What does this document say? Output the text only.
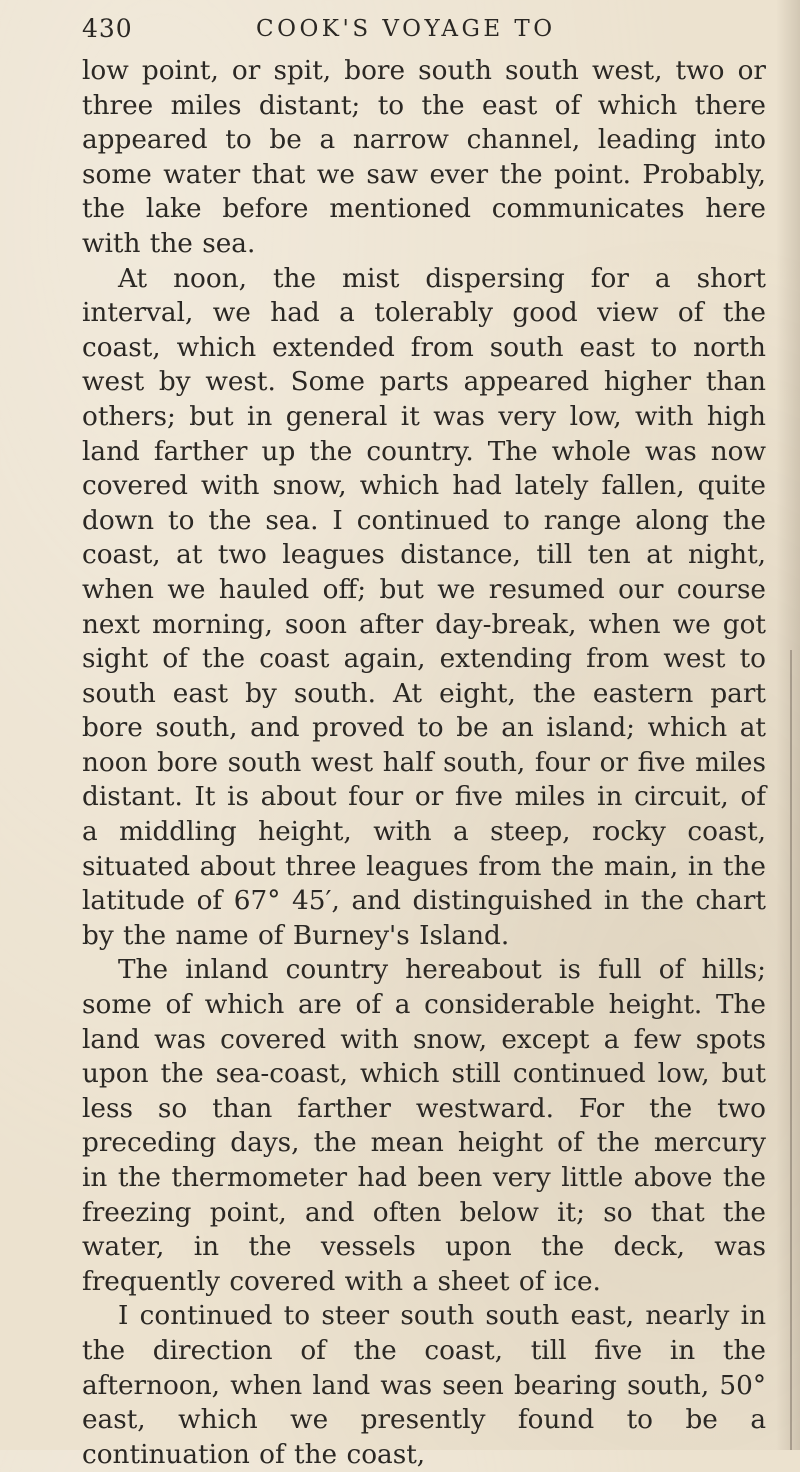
430	COOK'S VOYAGE TO

low point, or spit, bore south south west, two or three miles distant; to the east of which there appeared to be a narrow channel, leading into some water that we saw ever the point. Probably, the lake before mentioned communicates here with the sea.

At noon, the mist dispersing for a short interval, we had a tolerably good view of the coast, which extended from south east to north west by west. Some parts appeared higher than others; but in general it was very low, with high land farther up the country. The whole was now covered with snow, which had lately fallen, quite down to the sea. I continued to range along the coast, at two leagues distance, till ten at night, when we hauled off; but we resumed our course next morning, soon after day-break, when we got sight of the coast again, extending from west to south east by south. At eight, the eastern part bore south, and proved to be an island; which at noon bore south west half south, four or five miles distant. It is about four or five miles in circuit, of a middling height, with a steep, rocky coast, situated about three leagues from the main, in the latitude of 67° 45′, and distinguished in the chart by the name of Burney's Island.

The inland country hereabout is full of hills; some of which are of a considerable height. The land was covered with snow, except a few spots upon the sea-coast, which still continued low, but less so than farther westward. For the two preceding days, the mean height of the mercury in the thermometer had been very little above the freezing point, and often below it; so that the water, in the vessels upon the deck, was frequently covered with a sheet of ice.

I continued to steer south south east, nearly in the direction of the coast, till five in the afternoon, when land was seen bearing south, 50° east, which we presently found to be a continuation of the coast,
